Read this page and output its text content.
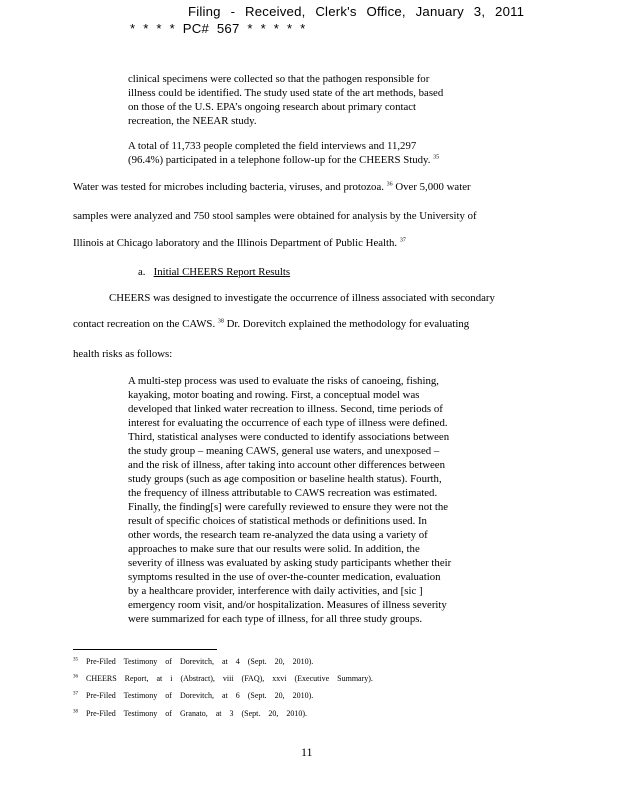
Filing - Received, Clerk's Office, January 3, 2011
* * * * PC# 567 * * * * *
clinical specimens were collected so that the pathogen responsible for
illness could be identified. The study used state of the art methods, based
on those of the U.S. EPA’s ongoing research about primary contact
recreation, the NEEAR study.
A total of 11,733 people completed the field interviews and 11,297
(96.4%) participated in a telephone follow-up for the CHEERS Study. $^{35}$
Water was tested for microbes including bacteria, viruses, and protozoa. $^{36}$ Over 5,000 water
samples were analyzed and 750 stool samples were obtained for analysis by the University of
Illinois at Chicago laboratory and the Illinois Department of Public Health. $^{37}$
a. Initial CHEERS Report Results
CHEERS was designed to investigate the occurrence of illness associated with secondary
contact recreation on the CAWS. $^{38}$ Dr. Dorevitch explained the methodology for evaluating
health risks as follows:
A multi-step process was used to evaluate the risks of canoeing, fishing,
kayaking, motor boating and rowing. First, a conceptual model was
developed that linked water recreation to illness. Second, time periods of
interest for evaluating the occurrence of each type of illness were defined.
Third, statistical analyses were conducted to identify associations between
the study group – meaning CAWS, general use waters, and unexposed –
and the risk of illness, after taking into account other differences between
study groups (such as age composition or baseline health status). Fourth,
the frequency of illness attributable to CAWS recreation was estimated.
Finally, the finding[s] were carefully reviewed to ensure they were not the
result of specific choices of statistical methods or definitions used. In
other words, the research team re-analyzed the data using a variety of
approaches to make sure that our results were solid. In addition, the
severity of illness was evaluated by asking study participants whether their
symptoms resulted in the use of over-the-counter medication, evaluation
by a healthcare provider, interference with daily activities, and [sic ]
emergency room visit, and/or hospitalization. Measures of illness severity
were summarized for each type of illness, for all three study groups.
$^{35}$ Pre-Filed Testimony of Dorevitch, at 4 (Sept. 20, 2010).
$^{36}$ CHEERS Report, at i (Abstract), viii (FAQ), xxvi (Executive Summary).
$^{37}$ Pre-Filed Testimony of Dorevitch, at 6 (Sept. 20, 2010).
$^{38}$ Pre-Filed Testimony of Granato, at 3 (Sept. 20, 2010).
11
